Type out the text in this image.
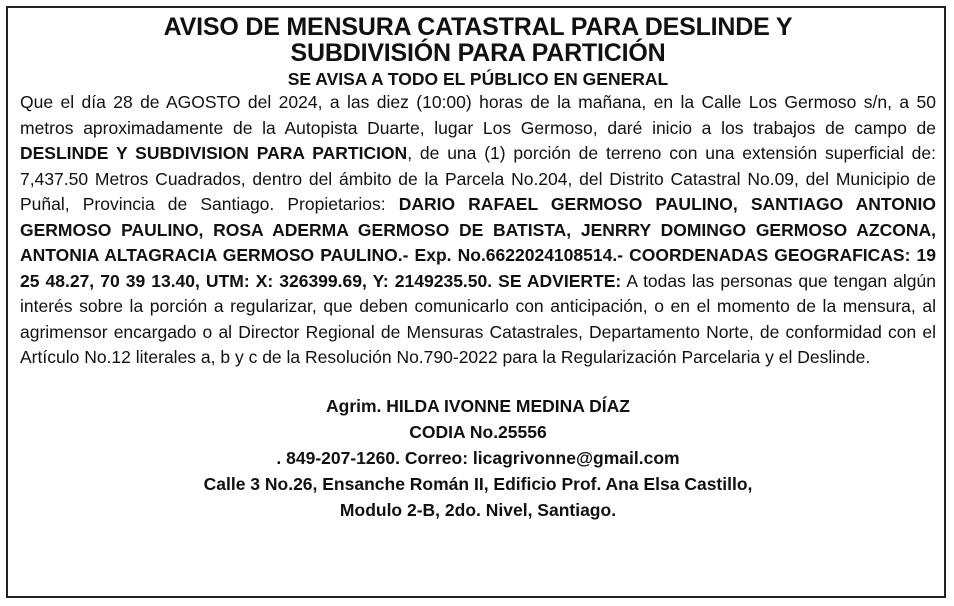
AVISO DE MENSURA CATASTRAL PARA DESLINDE Y
SUBDIVISIÓN PARA PARTICIÓN
SE AVISA A TODO EL PÚBLICO EN GENERAL

Que el día 28 de AGOSTO del 2024, a las diez (10:00) horas de la mañana, en la Calle Los Germoso s/n, a 50 metros aproximadamente de la Autopista Duarte, lugar Los Germoso, daré inicio a los trabajos de campo de DESLINDE Y SUBDIVISION PARA PARTICION, de una (1) porción de terreno con una extensión superficial de: 7,437.50 Metros Cuadrados, dentro del ámbito de la Parcela No.204, del Distrito Catastral No.09, del Municipio de Puñal, Provincia de Santiago. Propietarios: DARIO RAFAEL GERMOSO PAULINO, SANTIAGO ANTONIO GERMOSO PAULINO, ROSA ADERMA GERMOSO DE BATISTA, JENRRY DOMINGO GERMOSO AZCONA, ANTONIA ALTAGRACIA GERMOSO PAULINO.- Exp. No.6622024108514.- COORDENADAS GEOGRAFICAS: 19 25 48.27, 70 39 13.40, UTM: X: 326399.69, Y: 2149235.50. SE ADVIERTE: A todas las personas que tengan algún interés sobre la porción a regularizar, que deben comunicarlo con anticipación, o en el momento de la mensura, al agrimensor encargado o al Director Regional de Mensuras Catastrales, Departamento Norte, de conformidad con el Artículo No.12 literales a, b y c de la Resolución No.790-2022 para la Regularización Parcelaria y el Deslinde.

Agrim. HILDA IVONNE MEDINA DÍAZ
CODIA No.25556
. 849-207-1260. Correo: licagrivonne@gmail.com
Calle 3 No.26, Ensanche Román II, Edificio Prof. Ana Elsa Castillo,
Modulo 2-B, 2do. Nivel, Santiago.
